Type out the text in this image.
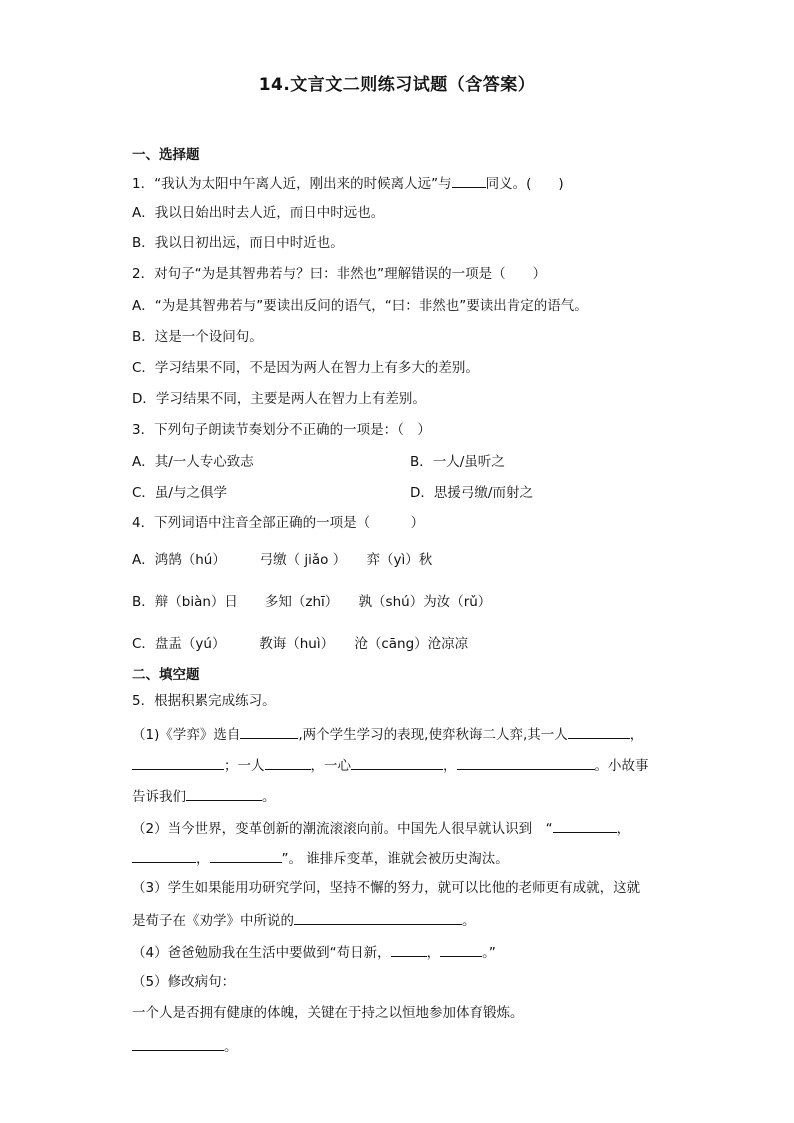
14.文言文二则练习试题（含答案）
一、选择题
1．“我认为太阳中午离人近，刚出来的时候离人远”与	同义。(　　)
A．我以日始出时去人近，而日中时远也。
B．我以日初出远，而日中时近也。
2．对句子“为是其智弗若与？曰：非然也”理解错误的一项是（　　）
A．“为是其智弗若与”要读出反问的语气，“曰：非然也”要读出肯定的语气。
B．这是一个设问句。
C．学习结果不同，不是因为两人在智力上有多大的差别。
D．学习结果不同，主要是两人在智力上有差别。
3．下列句子朗读节奏划分不正确的一项是：（　）
A．其/一人专心致志	B．一人/虽听之
C．虽/与之俱学	D．思援弓缴/而射之
4．下列词语中注音全部正确的一项是（　　　）
A．鸿鹄（hú）　　　弓缴（ jiǎo ）　　弈（yì）秋
B．辩（biàn）日　　多知（zhī）　　孰（shú）为汝（rǔ）
C．盘盂（yú）　　　教诲（huì）　　沧（cāng）沧凉凉
二、填空题
5．根据积累完成练习。
（1)《学弈》选自	,两个学生学习的表现,使弈秋诲二人弈,其一人	，
；一人	，一心	，	。小故事
告诉我们	。
（2）当今世界，变革创新的潮流滚滚向前。中国先人很早就认识到　“	，
，	”。 谁排斥变革，谁就会被历史淘汰。
（3）学生如果能用功研究学问，坚持不懈的努力，就可以比他的老师更有成就，这就
是荀子在《劝学》中所说的	。
（4）爸爸勉励我在生活中要做到“苟日新，	，	。”
（5）修改病句：
一个人是否拥有健康的体魄，关键在于持之以恒地参加体育锻炼。
。
